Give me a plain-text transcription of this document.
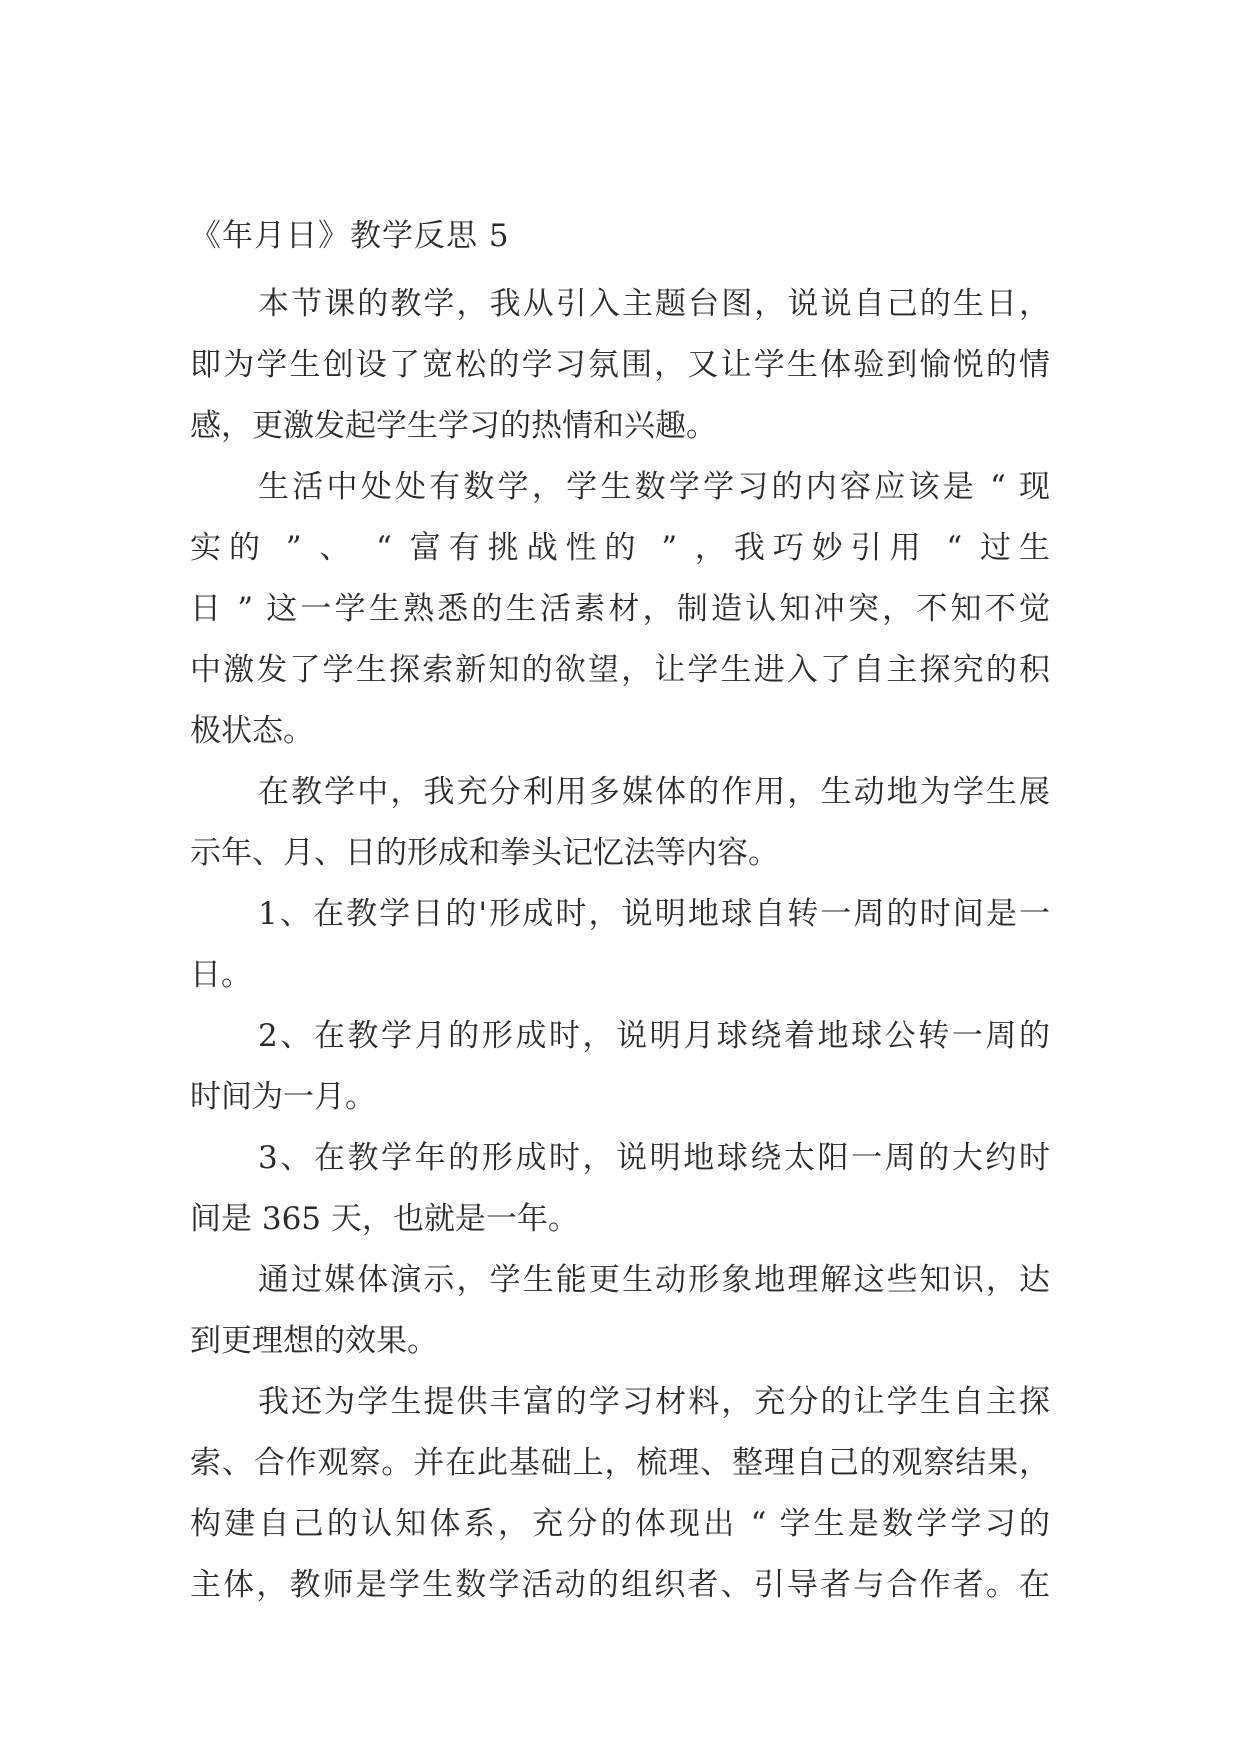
《年月日》教学反思 5
本节课的教学，我从引入主题台图，说说自己的生日，
即为学生创设了宽松的学习氛围，又让学生体验到愉悦的情
感，更激发起学生学习的热情和兴趣。
生活中处处有数学，学生数学学习的内容应该是 “ 现
实的 ” 、 “ 富有挑战性的 ” ，我巧妙引用 “ 过生
日 ” 这一学生熟悉的生活素材，制造认知冲突，不知不觉
中激发了学生探索新知的欲望，让学生进入了自主探究的积
极状态。
在教学中，我充分利用多媒体的作用，生动地为学生展
示年、月、日的形成和拳头记忆法等内容。
1、在教学日的'形成时，说明地球自转一周的时间是一
日。
2、在教学月的形成时，说明月球绕着地球公转一周的
时间为一月。
3、在教学年的形成时，说明地球绕太阳一周的大约时
间是 365 天，也就是一年。
通过媒体演示，学生能更生动形象地理解这些知识，达
到更理想的效果。
我还为学生提供丰富的学习材料，充分的让学生自主探
索、合作观察。并在此基础上，梳理、整理自己的观察结果，
构建自己的认知体系，充分的体现出 “ 学生是数学学习的
主体，教师是学生数学活动的组织者、引导者与合作者。在
